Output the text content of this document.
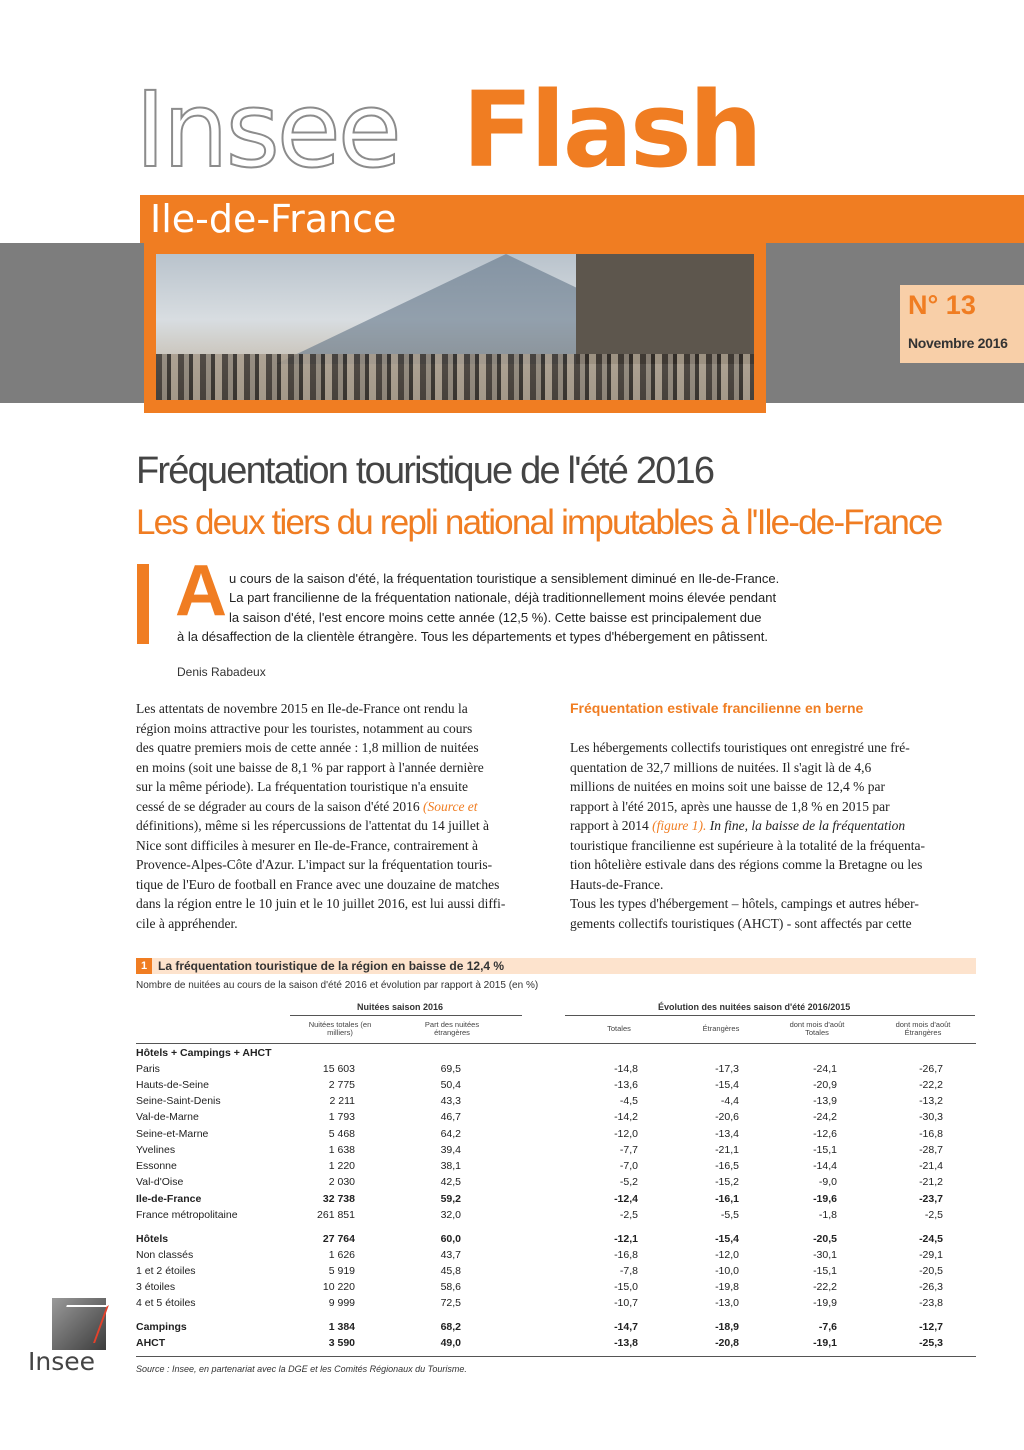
Insee Flash
Ile-de-France
N° 13
Novembre 2016
Fréquentation touristique de l'été 2016
Les deux tiers du repli national imputables à l'Ile-de-France
A u cours de la saison d'été, la fréquentation touristique a sensiblement diminué en Ile-de-France.
La part francilienne de la fréquentation nationale, déjà traditionnellement moins élevée pendant
la saison d'été, l'est encore moins cette année (12,5 %). Cette baisse est principalement due
à la désaffection de la clientèle étrangère. Tous les départements et types d'hébergement en pâtissent.
Denis Rabadeux
Les attentats de novembre 2015 en Ile-de-France ont rendu la
région moins attractive pour les touristes, notamment au cours
des quatre premiers mois de cette année : 1,8 million de nuitées
en moins (soit une baisse de 8,1 % par rapport à l'année dernière
sur la même période). La fréquentation touristique n'a ensuite
cessé de se dégrader au cours de la saison d'été 2016 (Source et
définitions), même si les répercussions de l'attentat du 14 juillet à
Nice sont difficiles à mesurer en Ile-de-France, contrairement à
Provence-Alpes-Côte d'Azur. L'impact sur la fréquentation touris-
tique de l'Euro de football en France avec une douzaine de matches
dans la région entre le 10 juin et le 10 juillet 2016, est lui aussi diffi-
cile à appréhender.
Fréquentation estivale francilienne en berne
Les hébergements collectifs touristiques ont enregistré une fré-
quentation de 32,7 millions de nuitées. Il s'agit là de 4,6
millions de nuitées en moins soit une baisse de 12,4 % par
rapport à l'été 2015, après une hausse de 1,8 % en 2015 par
rapport à 2014 (figure 1). In fine, la baisse de la fréquentation
touristique francilienne est supérieure à la totalité de la fréquenta-
tion hôtelière estivale dans des régions comme la Bretagne ou les
Hauts-de-France.
Tous les types d'hébergement – hôtels, campings et autres héber-
gements collectifs touristiques (AHCT) - sont affectés par cette
1 La fréquentation touristique de la région en baisse de 12,4 %
Nombre de nuitées au cours de la saison d'été 2016 et évolution par rapport à 2015 (en %)
Nuitées saison 2016	Évolution des nuitées saison d'été 2016/2015
Nuitées totales (en milliers)
Part des nuitées étrangères	Totales	Étrangères	dont mois d'août Totales
dont mois d'août Étrangères
Hôtels + Campings + AHCT
Paris	15 603	69,5	-14,8	-17,3	-24,1	-26,7
Hauts-de-Seine	2 775	50,4	-13,6	-15,4	-20,9	-22,2
Seine-Saint-Denis	2 211	43,3	-4,5	-4,4	-13,9	-13,2
Val-de-Marne	1 793	46,7	-14,2	-20,6	-24,2	-30,3
Seine-et-Marne	5 468	64,2	-12,0	-13,4	-12,6	-16,8
Yvelines	1 638	39,4	-7,7	-21,1	-15,1	-28,7
Essonne	1 220	38,1	-7,0	-16,5	-14,4	-21,4
Val-d'Oise	2 030	42,5	-5,2	-15,2	-9,0	-21,2
Ile-de-France	32 738	59,2	-12,4	-16,1	-19,6	-23,7
France métropolitaine	261 851	32,0	-2,5	-5,5	-1,8	-2,5
Hôtels	27 764	60,0	-12,1	-15,4	-20,5	-24,5
Non classés	1 626	43,7	-16,8	-12,0	-30,1	-29,1
1 et 2 étoiles	5 919	45,8	-7,8	-10,0	-15,1	-20,5
3 étoiles	10 220	58,6	-15,0	-19,8	-22,2	-26,3
4 et 5 étoiles	9 999	72,5	-10,7	-13,0	-19,9	-23,8
Campings	1 384	68,2	-14,7	-18,9	-7,6	-12,7
AHCT	3 590	49,0	-13,8	-20,8	-19,1	-25,3
Source : Insee, en partenariat avec la DGE et les Comités Régionaux du Tourisme.
Insee
